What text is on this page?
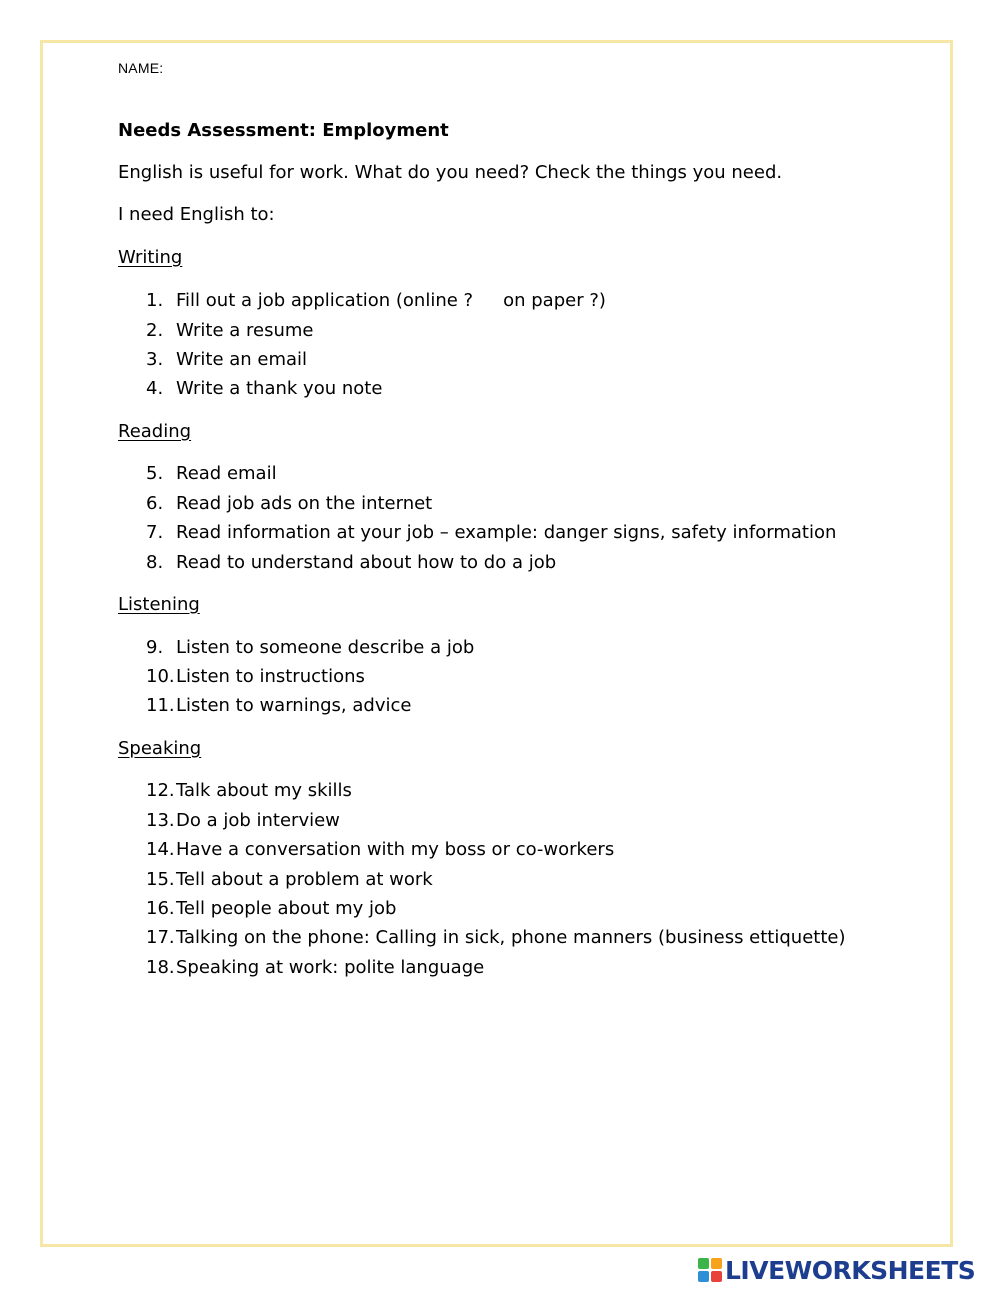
NAME:
Needs Assessment: Employment
English is useful for work. What do you need? Check the things you need.
I need English to:
Writing
1. Fill out a job application (online ? on paper ?)
2. Write a resume
3. Write an email
4. Write a thank you note
Reading
5. Read email
6. Read job ads on the internet
7. Read information at your job – example: danger signs, safety information
8. Read to understand about how to do a job
Listening
9. Listen to someone describe a job
10.Listen to instructions
11.Listen to warnings, advice
Speaking
12.Talk about my skills
13.Do a job interview
14.Have a conversation with my boss or co-workers
15.Tell about a problem at work
16.Tell people about my job
17.Talking on the phone: Calling in sick, phone manners (business ettiquette)
18.Speaking at work: polite language
LIVEWORKSHEETS
